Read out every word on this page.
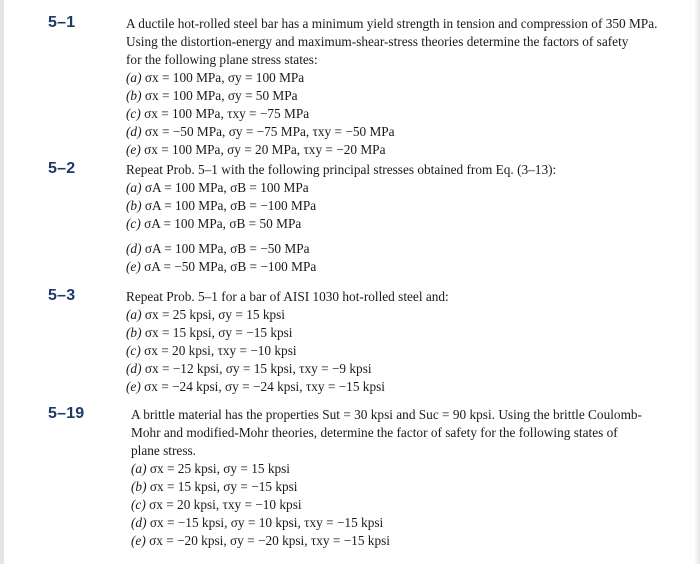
5–1	A ductile hot-rolled steel bar has a minimum yield strength in tension and compression of 350 MPa.
Using the distortion-energy and maximum-shear-stress theories determine the factors of safety
for the following plane stress states:
(a) σx = 100 MPa, σy = 100 MPa
(b) σx = 100 MPa, σy = 50 MPa
(c) σx = 100 MPa, τxy = −75 MPa
(d) σx = −50 MPa, σy = −75 MPa, τxy = −50 MPa
(e) σx = 100 MPa, σy = 20 MPa, τxy = −20 MPa
5–2	Repeat Prob. 5–1 with the following principal stresses obtained from Eq. (3–13):
(a) σA = 100 MPa, σB = 100 MPa
(b) σA = 100 MPa, σB = −100 MPa
(c) σA = 100 MPa, σB = 50 MPa
(d) σA = 100 MPa, σB = −50 MPa
(e) σA = −50 MPa, σB = −100 MPa
5–3	Repeat Prob. 5–1 for a bar of AISI 1030 hot-rolled steel and:
(a) σx = 25 kpsi, σy = 15 kpsi
(b) σx = 15 kpsi, σy = −15 kpsi
(c) σx = 20 kpsi, τxy = −10 kpsi
(d) σx = −12 kpsi, σy = 15 kpsi, τxy = −9 kpsi
(e) σx = −24 kpsi, σy = −24 kpsi, τxy = −15 kpsi
5–19	A brittle material has the properties Sut = 30 kpsi and Suc = 90 kpsi. Using the brittle Coulomb-
Mohr and modified-Mohr theories, determine the factor of safety for the following states of
plane stress.
(a) σx = 25 kpsi, σy = 15 kpsi
(b) σx = 15 kpsi, σy = −15 kpsi
(c) σx = 20 kpsi, τxy = −10 kpsi
(d) σx = −15 kpsi, σy = 10 kpsi, τxy = −15 kpsi
(e) σx = −20 kpsi, σy = −20 kpsi, τxy = −15 kpsi
